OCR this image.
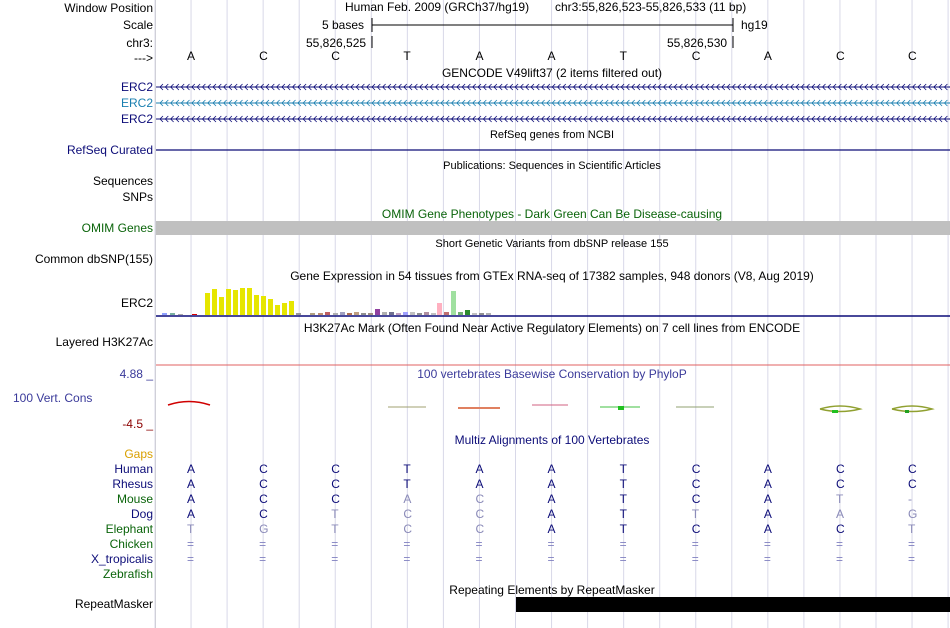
Window Position	Human Feb. 2009 (GRCh37/hg19) chr3:55,826,523-55,826,533 (11 bp)
Scale	5 bases	hg19
chr3:	55,826,525	55,826,530
--->	A	C	C	T	A	A	T	C	A	C	C
GENCODE V49lift37 (2 items filtered out)
ERC2
ERC2
ERC2
RefSeq genes from NCBI
RefSeq Curated
Publications: Sequences in Scientific Articles
Sequences
SNPs
OMIM Gene Phenotypes - Dark Green Can Be Disease-causing
OMIM Genes
Short Genetic Variants from dbSNP release 155
Common dbSNP(155)
Gene Expression in 54 tissues from GTEx RNA-seq of 17382 samples, 948 donors (V8, Aug 2019)
ERC2
H3K27Ac Mark (Often Found Near Active Regulatory Elements) on 7 cell lines from ENCODE
Layered H3K27Ac
4.88 _	100 vertebrates Basewise Conservation by PhyloP
100 Vert. Cons
-4.5 _
Multiz Alignments of 100 Vertebrates
Gaps
Human	A	C	C	T	A	A	T	C	A	C	C
Rhesus	A	C	C	T	A	A	T	C	A	C	C
Mouse	A	C	C	A	C	A	T	C	A	T	-
Dog	A	C	T	C	C	A	T	T	A	A	G
Elephant	T	G	T	C	C	A	T	C	A	C	T
Chicken	=	=	=	=	=	=	=	=	=	=	=
X_tropicalis	=	=	=	=	=	=	=	=	=	=	=
Zebrafish
Repeating Elements by RepeatMasker
RepeatMasker
